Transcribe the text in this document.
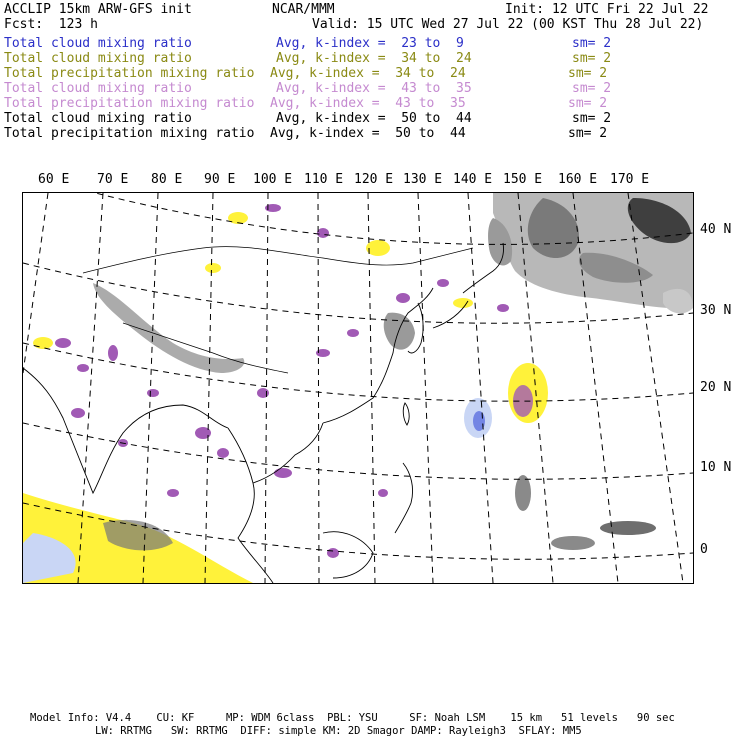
ACCLIP 15km ARW-GFS init	NCAR/MMM	Init: 12 UTC Fri 22 Jul 22
Fcst:  123 h	Valid: 15 UTC Wed 27 Jul 22 (00 KST Thu 28 Jul 22)
Total cloud mixing ratio	Avg, k-index =  23 to  9	sm= 2
Total cloud mixing ratio	Avg, k-index =  34 to  24	sm= 2
Total precipitation mixing ratio Avg, k-index =  34 to  24	sm= 2
Total cloud mixing ratio	Avg, k-index =  43 to  35	sm= 2
Total precipitation mixing ratio Avg, k-index =  43 to  35	sm= 2
Total cloud mixing ratio	Avg, k-index =  50 to  44	sm= 2
Total precipitation mixing ratio Avg, k-index =  50 to  44	sm= 2
60 E 70 E 80 E 90 E 100 E 110 E 120 E 130 E 140 E 150 E 160 E 170 E
40 N
30 N
20 N
10 N
0
Model Info: V4.4    CU: KF     MP: WDM 6class  PBL: YSU     SF: Noah LSM    15 km   51 levels   90 sec
LW: RRTMG   SW: RRTMG  DIFF: simple KM: 2D Smagor DAMP: Rayleigh3  SFLAY: MM5
